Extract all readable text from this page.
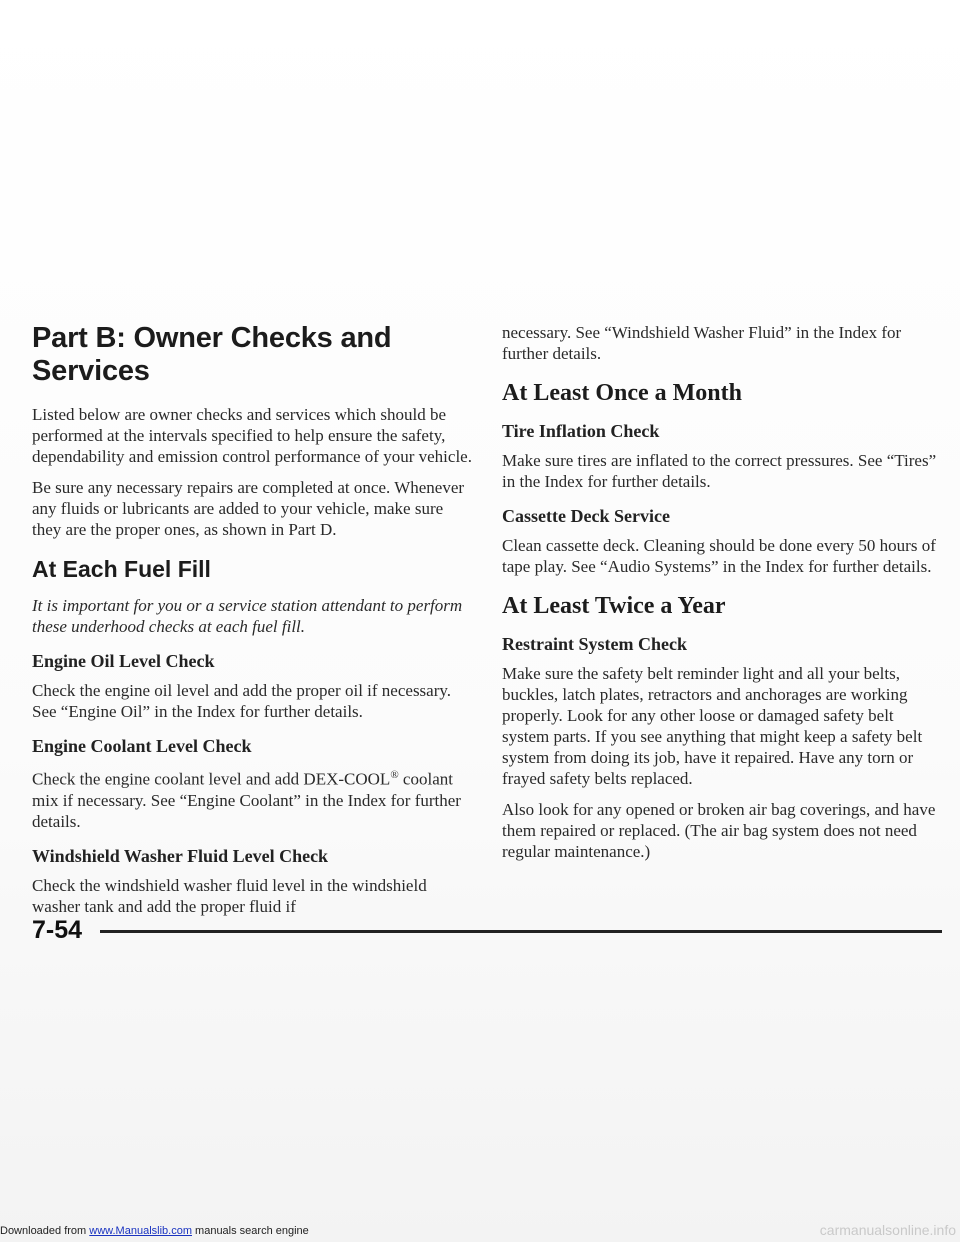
Part B: Owner Checks and Services

Listed below are owner checks and services which should be performed at the intervals specified to help ensure the safety, dependability and emission control performance of your vehicle.

Be sure any necessary repairs are completed at once. Whenever any fluids or lubricants are added to your vehicle, make sure they are the proper ones, as shown in Part D.

At Each Fuel Fill

It is important for you or a service station attendant to perform these underhood checks at each fuel fill.

Engine Oil Level Check

Check the engine oil level and add the proper oil if necessary. See “Engine Oil” in the Index for further details.

Engine Coolant Level Check

Check the engine coolant level and add DEX-COOL® coolant mix if necessary. See “Engine Coolant” in the Index for further details.

Windshield Washer Fluid Level Check

Check the windshield washer fluid level in the windshield washer tank and add the proper fluid if

necessary. See “Windshield Washer Fluid” in the Index for further details.

At Least Once a Month
Tire Inflation Check

Make sure tires are inflated to the correct pressures. See “Tires” in the Index for further details.

Cassette Deck Service

Clean cassette deck. Cleaning should be done every 50 hours of tape play. See “Audio Systems” in the Index for further details.

At Least Twice a Year
Restraint System Check

Make sure the safety belt reminder light and all your belts, buckles, latch plates, retractors and anchorages are working properly. Look for any other loose or damaged safety belt system parts. If you see anything that might keep a safety belt system from doing its job, have it repaired. Have any torn or frayed safety belts replaced.

Also look for any opened or broken air bag coverings, and have them repaired or replaced. (The air bag system does not need regular maintenance.)

7-54
Downloaded from www.Manualslib.com manuals search engine	carmanualsonline.info
